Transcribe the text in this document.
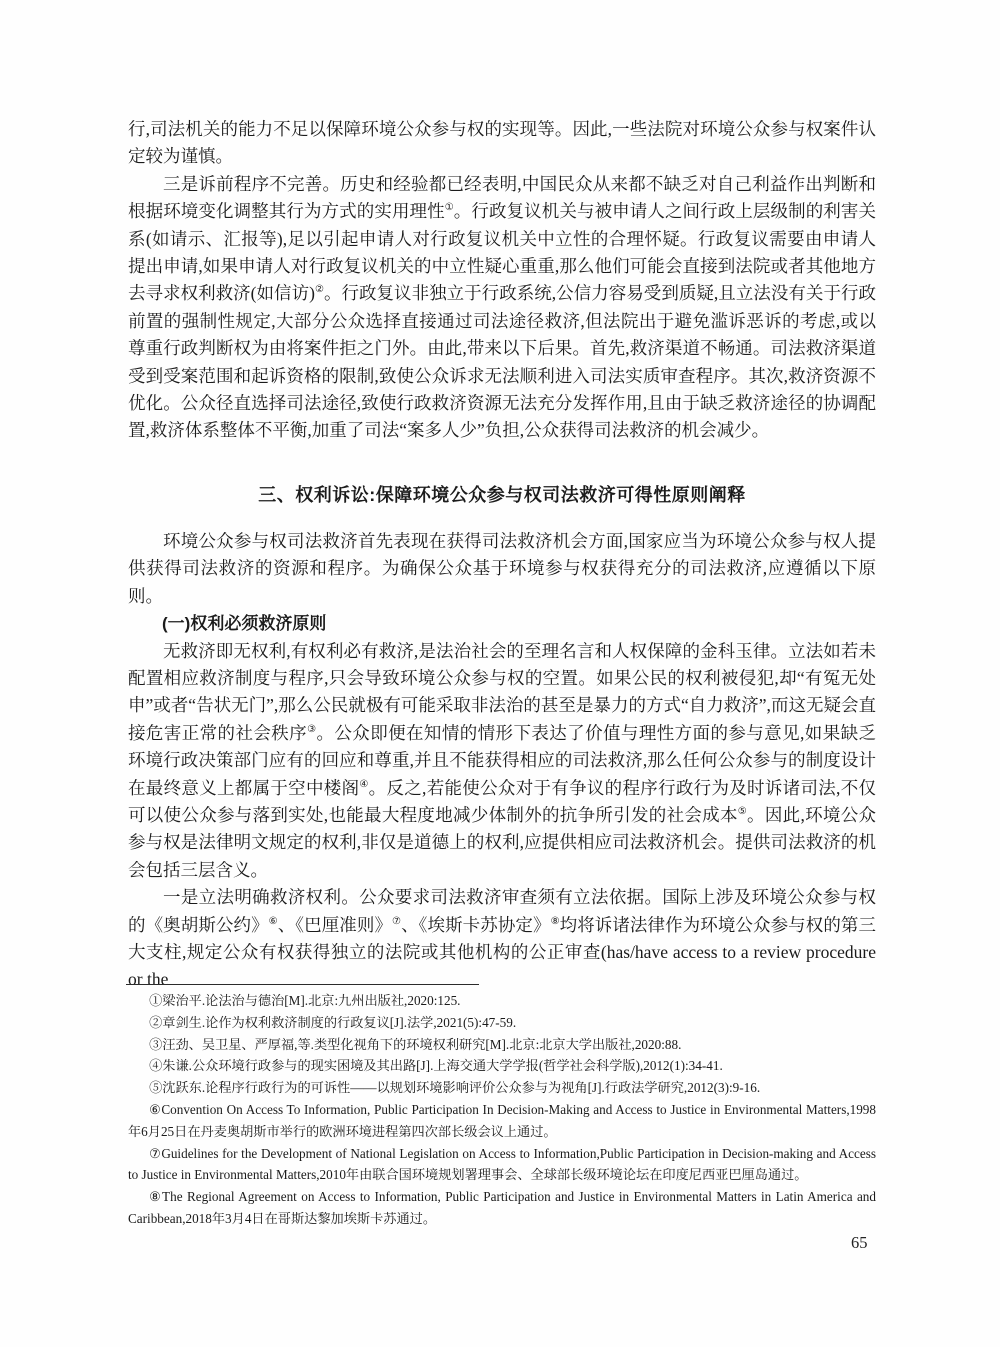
行,司法机关的能力不足以保障环境公众参与权的实现等。因此,一些法院对环境公众参与权案件认定较为谨慎。

三是诉前程序不完善。历史和经验都已经表明,中国民众从来都不缺乏对自己利益作出判断和根据环境变化调整其行为方式的实用理性①。行政复议机关与被申请人之间行政上层级制的利害关系(如请示、汇报等),足以引起申请人对行政复议机关中立性的合理怀疑。行政复议需要由申请人提出申请,如果申请人对行政复议机关的中立性疑心重重,那么他们可能会直接到法院或者其他地方去寻求权利救济(如信访)②。行政复议非独立于行政系统,公信力容易受到质疑,且立法没有关于行政前置的强制性规定,大部分公众选择直接通过司法途径救济,但法院出于避免滥诉恶诉的考虑,或以尊重行政判断权为由将案件拒之门外。由此,带来以下后果。首先,救济渠道不畅通。司法救济渠道受到受案范围和起诉资格的限制,致使公众诉求无法顺利进入司法实质审查程序。其次,救济资源不优化。公众径直选择司法途径,致使行政救济资源无法充分发挥作用,且由于缺乏救济途径的协调配置,救济体系整体不平衡,加重了司法“案多人少”负担,公众获得司法救济的机会减少。

三、权利诉讼:保障环境公众参与权司法救济可得性原则阐释

环境公众参与权司法救济首先表现在获得司法救济机会方面,国家应当为环境公众参与权人提供获得司法救济的资源和程序。为确保公众基于环境参与权获得充分的司法救济,应遵循以下原则。

(一)权利必须救济原则

无救济即无权利,有权利必有救济,是法治社会的至理名言和人权保障的金科玉律。立法如若未配置相应救济制度与程序,只会导致环境公众参与权的空置。如果公民的权利被侵犯,却“有冤无处申”或者“告状无门”,那么公民就极有可能采取非法治的甚至是暴力的方式“自力救济”,而这无疑会直接危害正常的社会秩序③。公众即便在知情的情形下表达了价值与理性方面的参与意见,如果缺乏环境行政决策部门应有的回应和尊重,并且不能获得相应的司法救济,那么任何公众参与的制度设计在最终意义上都属于空中楼阁④。反之,若能使公众对于有争议的程序行政行为及时诉诸司法,不仅可以使公众参与落到实处,也能最大程度地减少体制外的抗争所引发的社会成本⑤。因此,环境公众参与权是法律明文规定的权利,非仅是道德上的权利,应提供相应司法救济机会。提供司法救济的机会包括三层含义。

一是立法明确救济权利。公众要求司法救济审查须有立法依据。国际上涉及环境公众参与权的《奥胡斯公约》⑥、《巴厘准则》⑦、《埃斯卡苏协定》⑧均将诉诸法律作为环境公众参与权的第三大支柱,规定公众有权获得独立的法院或其他机构的公正审查(has/have access to a review procedure or the

①梁治平.论法治与德治[M].北京:九州出版社,2020:125.

②章剑生.论作为权利救济制度的行政复议[J].法学,2021(5):47-59.

③汪劲、吴卫星、严厚福,等.类型化视角下的环境权利研究[M].北京:北京大学出版社,2020:88.

④朱谦.公众环境行政参与的现实困境及其出路[J].上海交通大学学报(哲学社会科学版),2012(1):34-41.

⑤沈跃东.论程序行政行为的可诉性——以规划环境影响评价公众参与为视角[J].行政法学研究,2012(3):9-16.

⑥Convention On Access To Information, Public Participation In Decision-Making and Access to Justice in Environmental Matters,1998年6月25日在丹麦奥胡斯市举行的欧洲环境进程第四次部长级会议上通过。

⑦Guidelines for the Development of National Legislation on Access to Information,Public Participation in Decision-making and Access to Justice in Environmental Matters,2010年由联合国环境规划署理事会、全球部长级环境论坛在印度尼西亚巴厘岛通过。

⑧The Regional Agreement on Access to Information, Public Participation and Justice in Environmental Matters in Latin America and Caribbean,2018年3月4日在哥斯达黎加埃斯卡苏通过。

65
